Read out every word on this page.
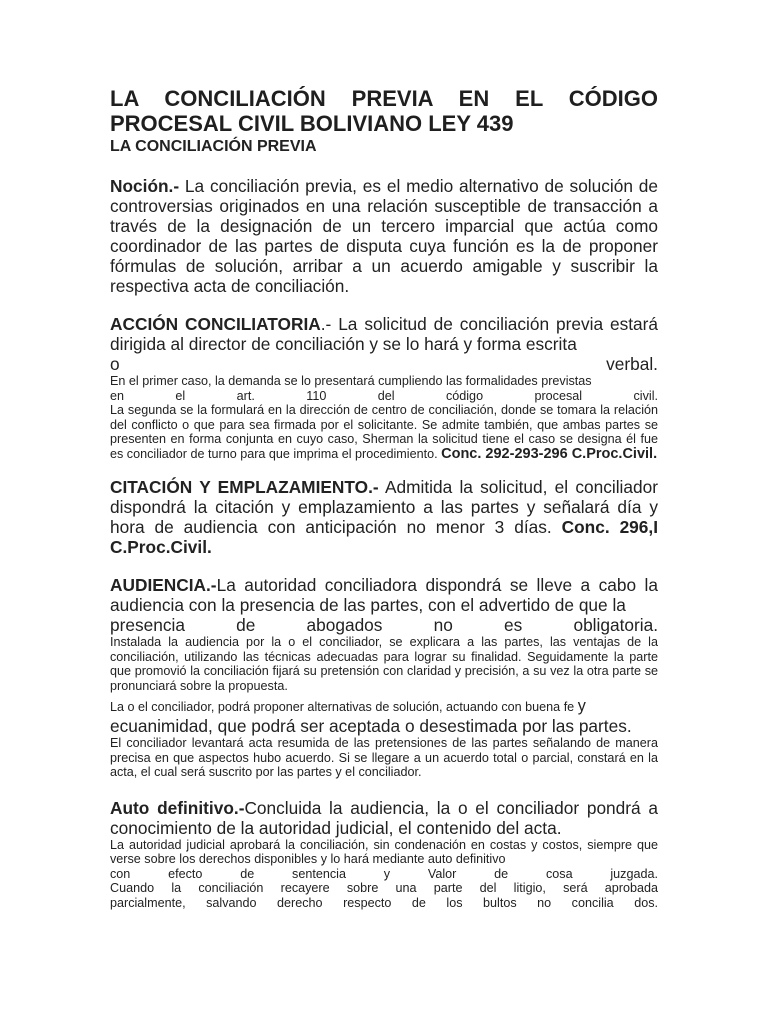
LA CONCILIACIÓN PREVIA EN EL CÓDIGO
PROCESAL CIVIL BOLIVIANO LEY 439
LA CONCILIACIÓN PREVIA

Noción.- La conciliación previa, es el medio alternativo de solución de controversias originados en una relación susceptible de transacción a través de la designación de un tercero imparcial que actúa como coordinador de las partes de disputa cuya función es la de proponer fórmulas de solución, arribar a un acuerdo amigable y suscribir la respectiva acta de conciliación.

ACCIÓN CONCILIATORIA.- La solicitud de conciliación previa estará dirigida al director de conciliación y se lo hará y forma escrita

o verbal.

En el primer caso, la demanda se lo presentará cumpliendo las formalidades previstas

en el art. 110 del código procesal civil.

La segunda se la formulará en la dirección de centro de conciliación, donde se tomara la relación del conflicto o que para sea firmada por el solicitante. Se admite también, que ambas partes se presenten en forma conjunta en cuyo caso, Sherman la solicitud tiene el caso se designa él fue es conciliador de turno para que imprima el procedimiento. Conc. 292-293-296 C.Proc.Civil.

CITACIÓN Y EMPLAZAMIENTO.- Admitida la solicitud, el conciliador dispondrá la citación y emplazamiento a las partes y señalará día y hora de audiencia con anticipación no menor 3 días. Conc. 296,I C.Proc.Civil.

AUDIENCIA.-La autoridad conciliadora dispondrá se lleve a cabo la audiencia con la presencia de las partes, con el advertido de que la

presencia de abogados no es obligatoria.

Instalada la audiencia por la o el conciliador, se explicara a las partes, las ventajas de la conciliación, utilizando las técnicas adecuadas para lograr su finalidad. Seguidamente la parte que promovió la conciliación fijará su pretensión con claridad y precisión, a su vez la otra parte se pronunciará sobre la propuesta.

La o el conciliador, podrá proponer alternativas de solución, actuando con buena fe y

ecuanimidad, que podrá ser aceptada o desestimada por las partes.

El conciliador levantará acta resumida de las pretensiones de las partes señalando de manera precisa en que aspectos hubo acuerdo. Si se llegare a un acuerdo total o parcial, constará en la acta, el cual será suscrito por las partes y el conciliador.

Auto definitivo.-Concluida la audiencia, la o el conciliador pondrá a conocimiento de la autoridad judicial, el contenido del acta.

La autoridad judicial aprobará la conciliación, sin condenación en costas y costos, siempre que verse sobre los derechos disponibles y lo hará mediante auto definitivo

con efecto de sentencia y Valor de cosa juzgada.

Cuando la conciliación recayere sobre una parte del litigio, será aprobada

parcialmente, salvando derecho respecto de los bultos no concilia dos.
